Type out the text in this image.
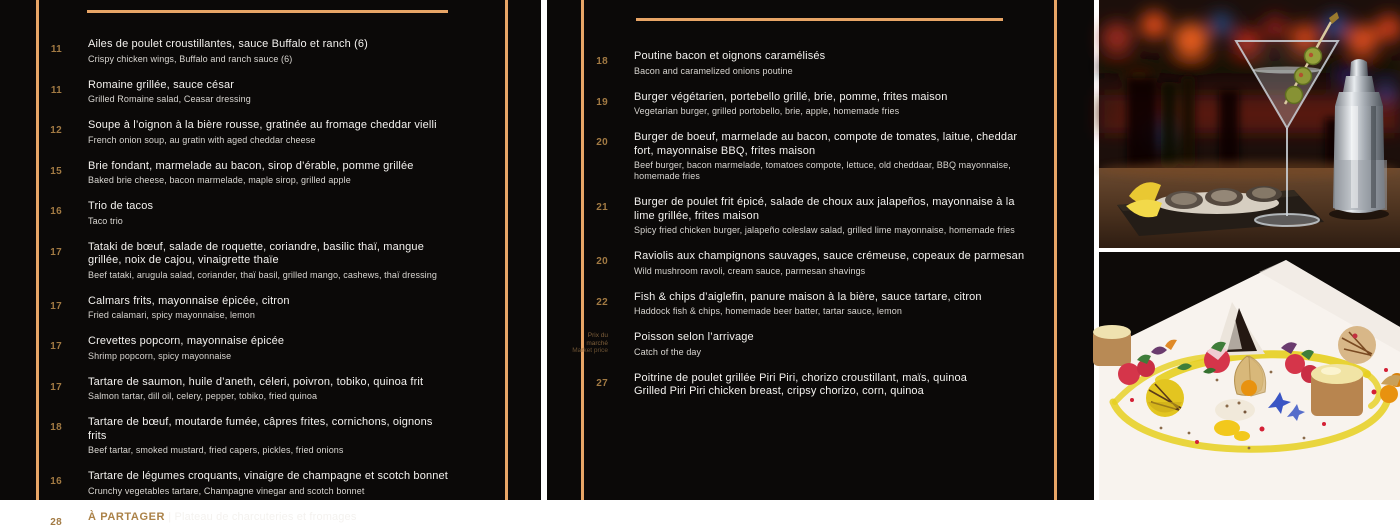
11 Ailes de poulet croustillantes, sauce Buffalo et ranch (6)
Crispy chicken wings, Buffalo and ranch sauce (6)
11 Romaine grillée, sauce césar
Grilled Romaine salad, Ceasar dressing
12 Soupe à l’oignon à la bière rousse, gratinée au fromage cheddar vielli
French onion soup, au gratin with aged cheddar cheese
15 Brie fondant, marmelade au bacon, sirop d’érable, pomme grillée
Baked brie cheese, bacon marmelade, maple sirop, grilled apple
16 Trio de tacos
Taco trio
17 Tataki de bœuf, salade de roquette, coriandre, basilic thaï, mangue grillée, noix de cajou, vinaigrette thaïe
Beef tataki, arugula salad, coriander, thaï basil, grilled mango, cashews, thaï dressing
17 Calmars frits, mayonnaise épicée, citron
Fried calamari, spicy mayonnaise, lemon
17 Crevettes popcorn, mayonnaise épicée
Shrimp popcorn, spicy mayonnaise
17 Tartare de saumon, huile d’aneth, céleri, poivron, tobiko, quinoa frit
Salmon tartar, dill oil, celery, pepper, tobiko, fried quinoa
18 Tartare de bœuf, moutarde fumée, câpres frites, cornichons, oignons frits
Beef tartar, smoked mustard, fried capers, pickles, fried onions
16 Tartare de légumes croquants, vinaigre de champagne et scotch bonnet
Crunchy vegetables tartare, Champagne vinegar and scotch bonnet
28 À PARTAGER | Plateau de charcuteries et fromages
18 Poutine bacon et oignons caramélisés
Bacon and caramelized onions poutine
19 Burger végétarien, portebello grillé, brie, pomme, frites maison
Vegetarian burger, grilled portobello, brie, apple, homemade fries
20 Burger de boeuf, marmelade au bacon, compote de tomates, laitue, cheddar fort, mayonnaise BBQ, frites maison
Beef burger, bacon marmelade, tomatoes compote, lettuce, old cheddaar, BBQ mayonnaise, homemade fries
21 Burger de poulet frit épicé, salade de choux aux jalapeños, mayonnaise à la lime grillée, frites maison
Spicy fried chicken burger, jalapeño coleslaw salad, grilled lime mayonnaise, homemade fries
20 Raviolis aux champignons sauvages, sauce crémeuse, copeaux de parmesan
Wild mushroom ravoli, cream sauce, parmesan shavings
22 Fish & chips d’aiglefin, panure maison à la bière, sauce tartare, citron
Haddock fish & chips, homemade beer batter, tartar sauce, lemon
Prix du marché
Market price
Poisson selon l’arrivage
Catch of the day
27 Poitrine de poulet grillée Piri Piri, chorizo croustillant, maïs, quinoa
Grilled Piri Piri chicken breast, cripsy chorizo, corn, quinoa
